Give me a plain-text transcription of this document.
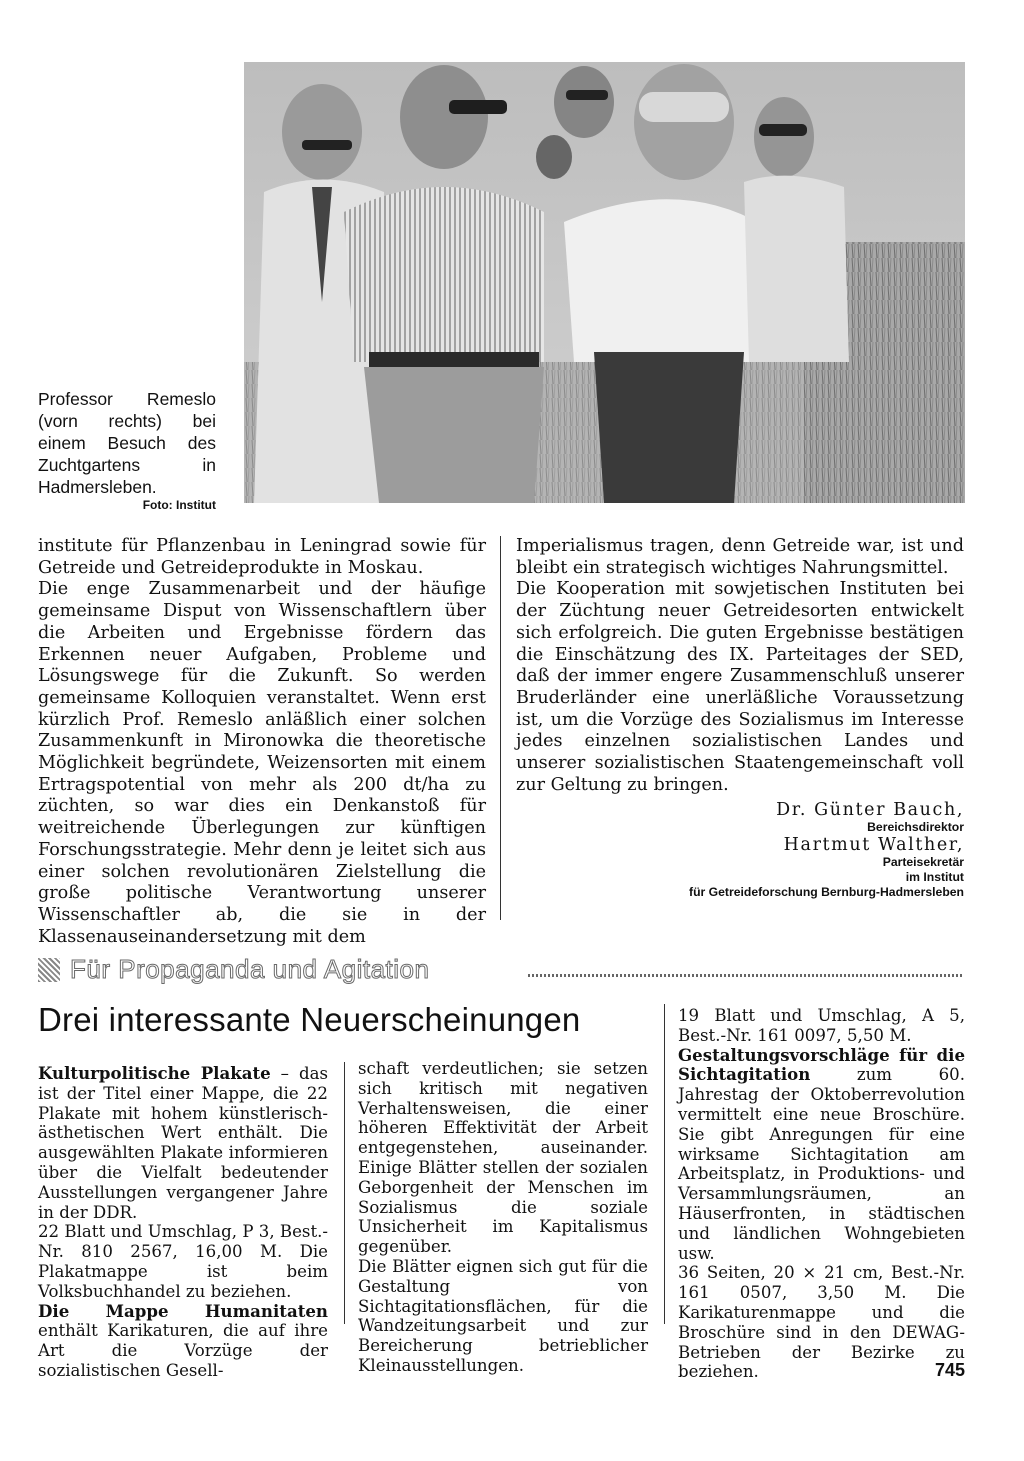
Professor Remeslo (vorn rechts) bei einem Besuch des Zuchtgartens in Hadmersleben.
Foto: Institut

institute für Pflanzenbau in Leningrad sowie für Getreide und Getreideprodukte in Moskau.

Die enge Zusammenarbeit und der häufige gemeinsame Disput von Wissenschaftlern über die Arbeiten und Ergebnisse fördern das Erkennen neuer Aufgaben, Probleme und Lösungswege für die Zukunft. So werden gemeinsame Kolloquien veranstaltet. Wenn erst kürzlich Prof. Remeslo anläßlich einer solchen Zusammenkunft in Mironowka die theoretische Möglichkeit begründete, Weizensorten mit einem Ertragspotential von mehr als 200 dt/ha zu züchten, so war dies ein Denkanstoß für weitreichende Überlegungen zur künftigen Forschungsstrategie. Mehr denn je leitet sich aus einer solchen revolutionären Zielstellung die große politische Verantwortung unserer Wissenschaftler ab, die sie in der Klassenauseinandersetzung mit dem

Imperialismus tragen, denn Getreide war, ist und bleibt ein strategisch wichtiges Nahrungsmittel.

Die Kooperation mit sowjetischen Instituten bei der Züchtung neuer Getreidesorten entwickelt sich erfolgreich. Die guten Ergebnisse bestätigen die Einschätzung des IX. Parteitages der SED, daß der immer engere Zusammenschluß unserer Bruderländer eine unerläßliche Voraussetzung ist, um die Vorzüge des Sozialismus im Interesse jedes einzelnen sozialistischen Landes und unserer sozialistischen Staatengemeinschaft voll zur Geltung zu bringen.

Dr. Günter Bauch,
Bereichsdirektor
Hartmut Walther,
Parteisekretär
im Institut
für Getreideforschung Bernburg-Hadmersleben
Für Propaganda und Agitation
Drei interessante Neuerscheinungen

Kulturpolitische Plakate – das ist der Titel einer Mappe, die 22 Plakate mit hohem künstlerisch-ästhetischen Wert enthält. Die ausgewählten Plakate informieren über die Vielfalt bedeutender Ausstellungen vergangener Jahre in der DDR.

22 Blatt und Umschlag, P 3, Best.-Nr. 810 2567, 16,00 M. Die Plakatmappe ist beim Volksbuchhandel zu beziehen.

Die Mappe Humanitaten enthält Karikaturen, die auf ihre Art die Vorzüge der sozialistischen Gesell-

schaft verdeutlichen; sie setzen sich kritisch mit negativen Verhaltensweisen, die einer höheren Effektivität der Arbeit entgegenstehen, auseinander. Einige Blätter stellen der sozialen Geborgenheit der Menschen im Sozialismus die soziale Unsicherheit im Kapitalismus gegenüber.

Die Blätter eignen sich gut für die Gestaltung von Sichtagitationsflächen, für die Wandzeitungsarbeit und zur Bereicherung betrieblicher Kleinausstellungen.

19 Blatt und Umschlag, A 5, Best.-Nr. 161 0097, 5,50 M.

Gestaltungsvorschläge für die Sichtagitation zum 60. Jahrestag der Oktoberrevolution vermittelt eine neue Broschüre. Sie gibt Anregungen für eine wirksame Sichtagitation am Arbeitsplatz, in Produktions- und Versammlungsräumen, an Häuserfronten, in städtischen und ländlichen Wohngebieten usw.

36 Seiten, 20 × 21 cm, Best.-Nr. 161 0507, 3,50 M. Die Karikaturenmappe und die Broschüre sind in den DEWAG-Betrieben der Bezirke zu beziehen.	745
